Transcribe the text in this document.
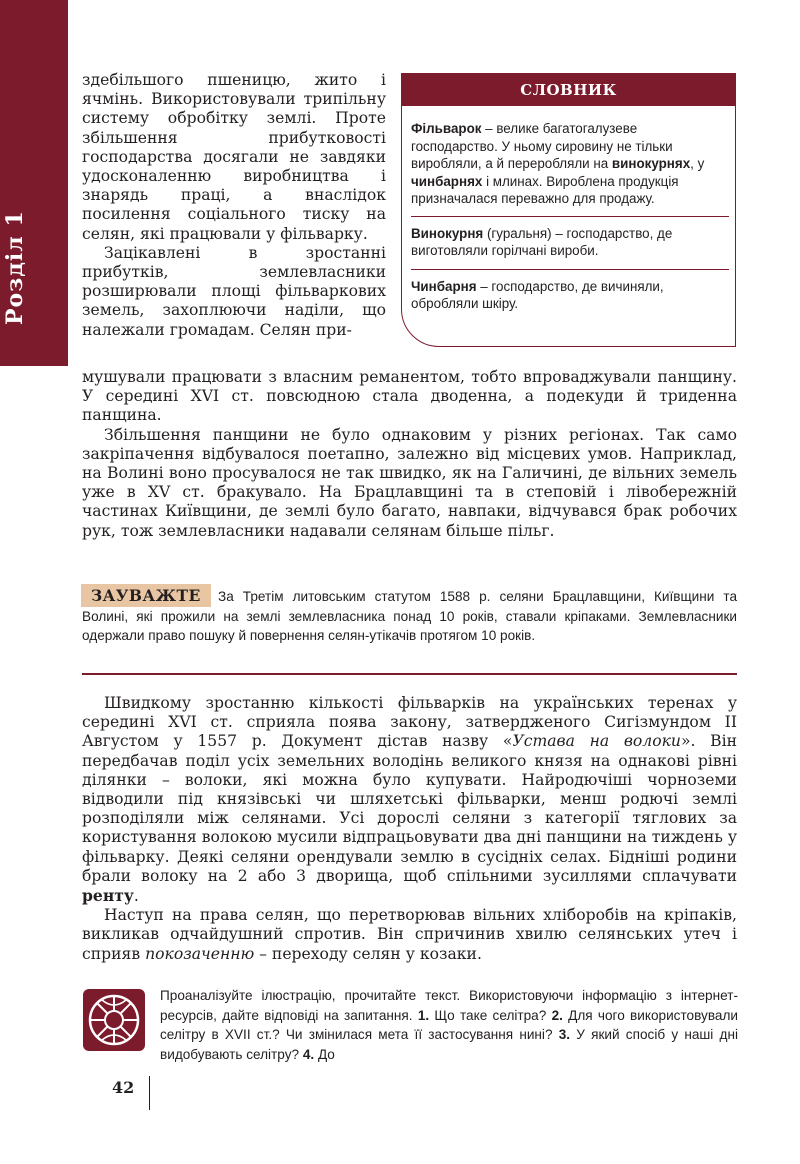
Розділ 1

здебільшого пшеницю, жито і ячмінь. Використовували трипільну систему обробітку землі. Проте збільшення прибутковості господарства досягали не завдяки удосконаленню виробництва і знарядь праці, а внаслідок посилення соціального тиску на селян, які працювали у фільварку.

Зацікавлені в зростанні прибутків, землевласники розширювали площі фільваркових земель, захоплюючи наділи, що належали громадам. Селян при-

СЛОВНИК
Фільварок – велике багатогалузеве господарство. У ньому сировину не тільки виробляли, а й переробляли на винокурнях, у чинбарнях і млинах. Вироблена продукція призначалася переважно для продажу.
Винокурня (гуральня) – господарство, де виготовляли горілчані вироби.
Чинбарня – господарство, де вичиняли, обробляли шкіру.

мушували працювати з власним реманентом, тобто впроваджували панщину. У середині XVI ст. повсюдною стала дводенна, а подекуди й триденна панщина.

Збільшення панщини не було однаковим у різних регіонах. Так само закріпачення відбувалося поетапно, залежно від місцевих умов. Наприклад, на Волині воно просувалося не так швидко, як на Галичині, де вільних земель уже в XV ст. бракувало. На Брацлавщині та в степовій і лівобережній частинах Київщини, де землі було багато, навпаки, відчувався брак робочих рук, тож землевласники надавали селянам більше пільг.

За Третім литовським статутом 1588 р. селяни Брацлавщини, Київщини та Волині, які прожили на землі землевласника понад 10 років, ставали кріпаками. Землевласники одержали право пошуку й повернення селян-утікачів протягом 10 років.
ЗАУВАЖТЕ

Швидкому зростанню кількості фільварків на українських теренах у середині XVI ст. сприяла поява закону, затвердженого Сигізмундом II Августом у 1557 р. Документ дістав назву «Устава на волоки». Він передбачав поділ усіх земельних володінь великого князя на однакові рівні ділянки – волоки, які можна було купувати. Найродючіші чорноземи відводили під князівські чи шляхетські фільварки, менш родючі землі розподіляли між селянами. Усі дорослі селяни з категорії тяглових за користування волокою мусили відпрацьовувати два дні панщини на тиждень у фільварку. Деякі селяни орендували землю в сусідніх селах. Бідніші родини брали волоку на 2 або 3 дворища, щоб спільними зусиллями сплачувати ренту.

Наступ на права селян, що перетворював вільних хліборобів на кріпаків, викликав одчайдушний спротив. Він спричинив хвилю селянських утеч і сприяв покозаченню – переходу селян у козаки.

Проаналізуйте ілюстрацію, прочитайте текст. Використовуючи інформацію з інтернет-ресурсів, дайте відповіді на запитання. 1. Що таке селітра? 2. Для чого використовували селітру в XVII ст.? Чи змінилася мета її застосування нині? 3. У який спосіб у наші дні видобувають селітру? 4. До
42
